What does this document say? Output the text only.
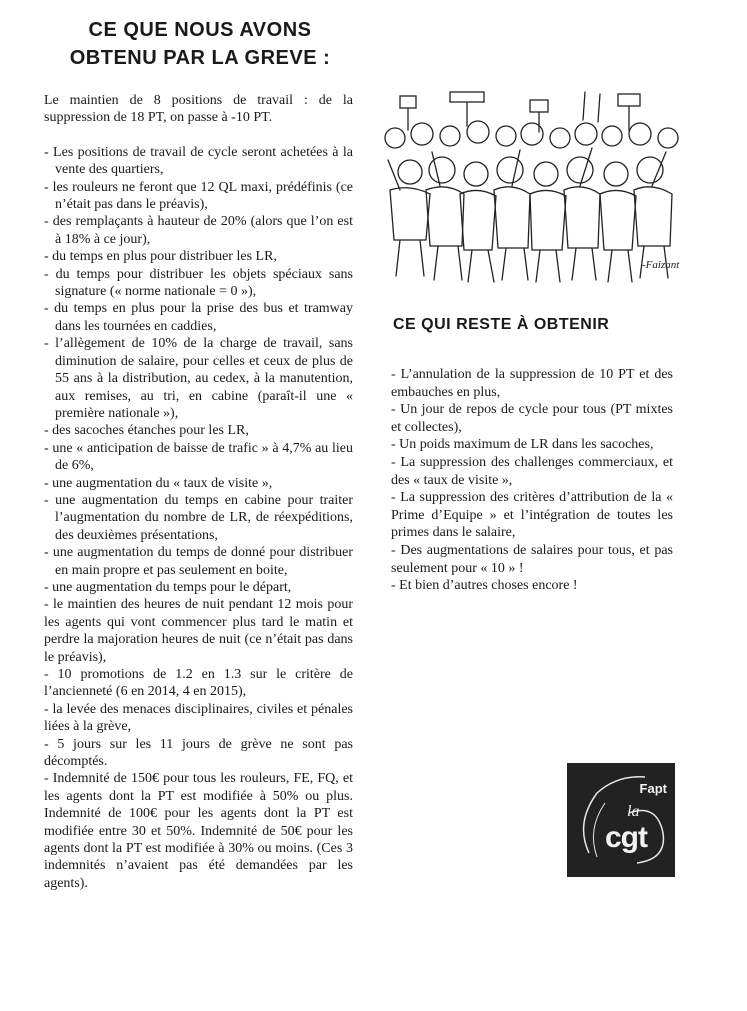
CE QUE NOUS AVONS
OBTENU PAR LA GREVE :

Le maintien de 8 positions de travail : de la suppression de 18 PT, on passe à -10 PT.

- Les positions de travail de cycle seront achetées à la vente des quartiers,
- les rouleurs ne feront que 12 QL maxi, prédéfinis (ce n’était pas dans le préavis),
- des remplaçants à hauteur de 20% (alors que l’on est à 18% à ce jour),
- du temps en plus pour distribuer les LR,
- du temps pour distribuer les objets spéciaux sans signature (« norme nationale = 0 »),
- du temps en plus pour la prise des bus et tramway dans les tournées en caddies,
- l’allègement de 10% de la charge de travail, sans diminution de salaire, pour celles et ceux de plus de 55 ans à la distribution, au cedex, à la manutention, aux remises, au tri, en cabine (paraît-il une « première nationale »),
- des sacoches étanches pour les LR,
- une « anticipation de baisse de trafic » à 4,7% au lieu de 6%,
- une augmentation du « taux de visite »,
- une augmentation du temps en cabine pour traiter l’augmentation du nombre de LR, de réexpéditions, des deuxièmes présentations,
- une augmentation du temps de donné pour distribuer en main propre et pas seulement en boite,
- une augmentation du temps pour le départ,
- le maintien des heures de nuit pendant 12 mois pour les agents qui vont commencer plus tard le matin et perdre la majoration heures de nuit (ce n’était pas dans le préavis),
- 10 promotions de 1.2 en 1.3 sur le critère de l’ancienneté (6 en 2014, 4 en 2015),
- la levée des menaces disciplinaires, civiles et pénales liées à la grève,
- 5 jours sur les 11 jours de grève ne sont pas décomptés.
- Indemnité de 150€ pour tous les rouleurs, FE, FQ, et les agents dont la PT est modifiée à 50% ou plus. Indemnité de 100€ pour les agents dont la PT est modifiée entre 30 et 50%. Indemnité de 50€ pour les agents dont la PT est modifiée à 30% ou moins. (Ces 3 indemnités n’avaient pas été demandées par les agents).
-Faizant
CE QUI RESTE À OBTENIR
- L’annulation de la suppression de 10 PT et des embauches en plus,
- Un jour de repos de cycle pour tous (PT mixtes et collectes),
- Un poids maximum de LR dans les sacoches,
- La suppression des challenges commerciaux, et des « taux de visite »,
- La suppression des critères d’attribution de la « Prime d’Equipe » et l’intégration de toutes les primes dans le salaire,
- Des augmentations de salaires pour tous, et pas seulement pour « 10 » !
- Et bien d’autres choses encore !
Fapt
la
cgt
